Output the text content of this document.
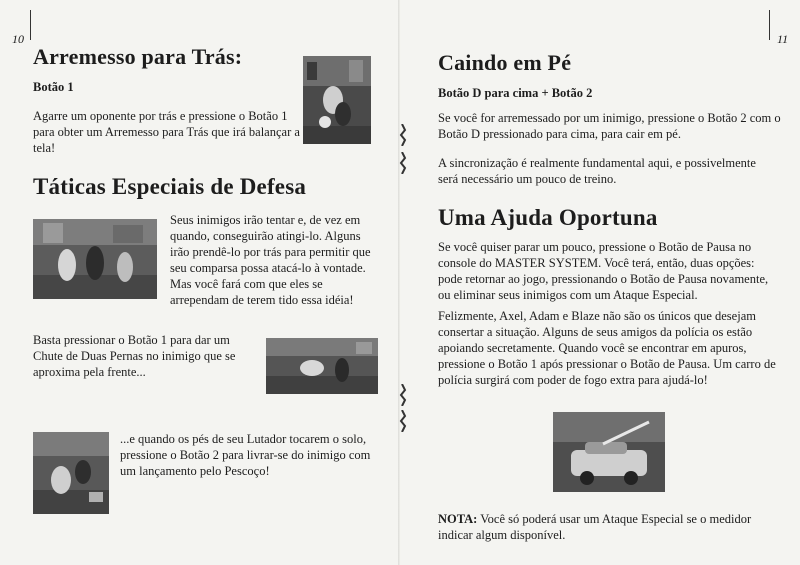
10
Arremesso para Trás:

Botão 1

Agarre um oponente por trás e pressione o Botão 1 para obter um Arremesso para Trás que irá balançar a tela!

Táticas Especiais de Defesa

Seus inimigos irão tentar e, de vez em quando, conseguirão atingi-lo. Alguns irão prendê-lo por trás para permitir que seu comparsa possa atacá-lo à vontade. Mas você fará com que eles se arrependam de terem tido essa idéia!

Basta pressionar o Botão 1 para dar um Chute de Duas Pernas no inimigo que se aproxima pela frente...

...e quando os pés de seu Lutador tocarem o solo, pressione o Botão 2 para livrar-se do inimigo com um lançamento pelo Pescoço!

11
Caindo em Pé

Botão D para cima + Botão 2

Se você for arremessado por um inimigo, pressione o Botão 2 com o Botão D pressionado para cima, para cair em pé.

A sincronização é realmente fundamental aqui, e possivelmente será necessário um pouco de treino.

Uma Ajuda Oportuna

Se você quiser parar um pouco, pressione o Botão de Pausa no console do MASTER SYSTEM. Você terá, então, duas opções: pode retornar ao jogo, pressionando o Botão de Pausa novamente, ou eliminar seus inimigos com um Ataque Especial.

Felizmente, Axel, Adam e Blaze não são os únicos que desejam consertar a situação. Alguns de seus amigos da polícia os estão apoiando secretamente. Quando você se encontrar em apuros, pressione o Botão 1 após pressionar o Botão de Pausa. Um carro de polícia surgirá com poder de fogo extra para ajudá-lo!

NOTA: Você só poderá usar um Ataque Especial se o medidor indicar algum disponível.
